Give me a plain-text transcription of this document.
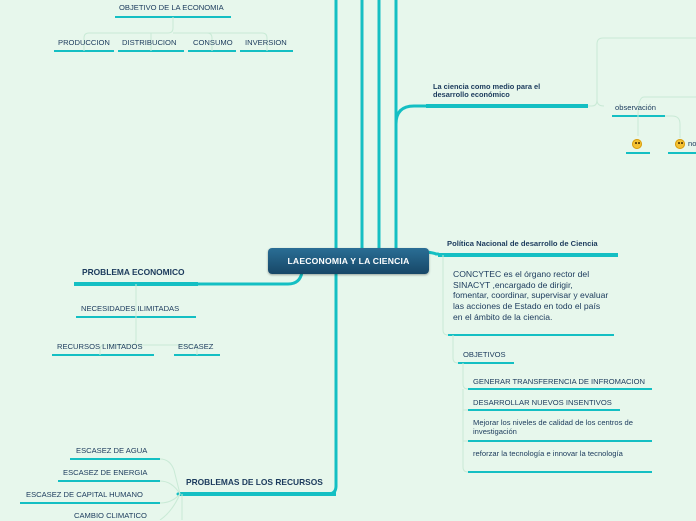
OBJETIVO DE LA ECONOMIA
PRODUCCION DISTRIBUCION CONSUMO INVERSION
LAECONOMIA Y LA CIENCIA
La ciencia como medio para el
desarrollo económico
observación
no
Política Nacional de desarrollo de Ciencia
CONCYTEC es el órgano rector del SINACYT ,encargado de dirigir, fomentar, coordinar, supervisar y evaluar las acciones de Estado en todo el país en el ámbito de la ciencia.
OBJETIVOS
GENERAR TRANSFERENCIA DE INFROMACION
DESARROLLAR NUEVOS INSENTIVOS
Mejorar los niveles de calidad de los centros de investigación
reforzar la tecnología e innovar la tecnología
PROBLEMA ECONOMICO
NECESIDADES ILIMITADAS
RECURSOS LIMITADOS	ESCASEZ
PROBLEMAS DE LOS RECURSOS
ESCASEZ DE AGUA
ESCASEZ DE ENERGIA
ESCASEZ DE CAPITAL HUMANO
CAMBIO CLIMATICO
